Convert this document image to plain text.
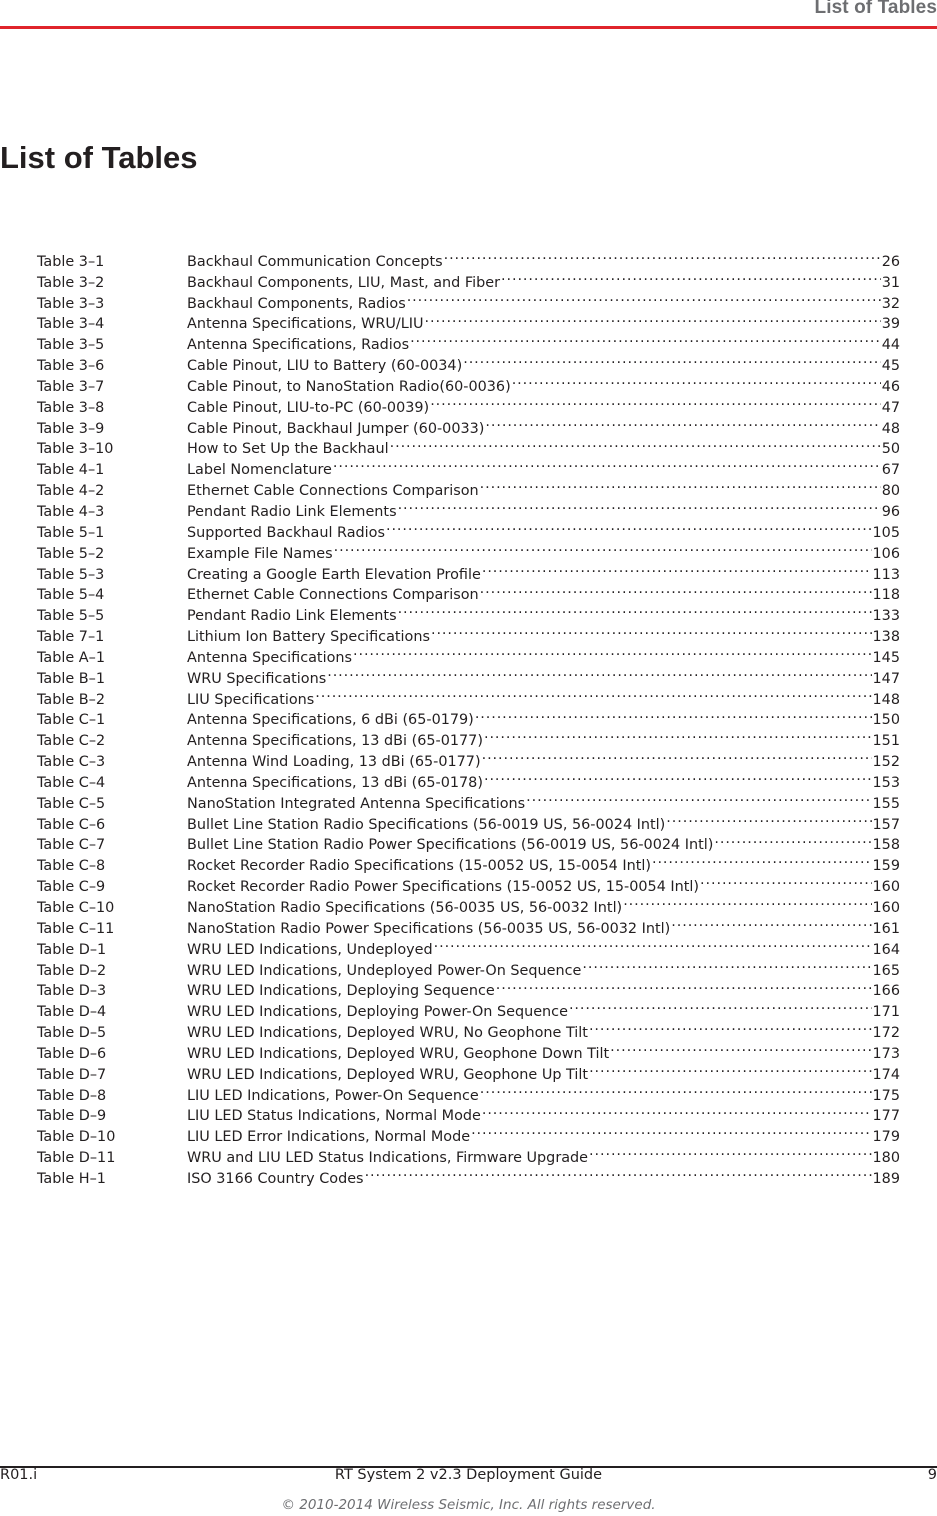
List of Tables
List of Tables
Table 3–1	Backhaul Communication Concepts .....	26
Table 3–2	Backhaul Components, LIU, Mast, and Fiber .....	31
Table 3–3	Backhaul Components, Radios .....	32
Table 3–4	Antenna Specifications, WRU/LIU .....	39
Table 3–5	Antenna Specifications, Radios .....	44
Table 3–6	Cable Pinout, LIU to Battery (60-0034) .....	45
Table 3–7	Cable Pinout, to NanoStation Radio(60-0036) .....	46
Table 3–8	Cable Pinout, LIU-to-PC (60-0039) .....	47
Table 3–9	Cable Pinout, Backhaul Jumper (60-0033) .....	48
Table 3–10	How to Set Up the Backhaul .....	50
Table 4–1	Label Nomenclature .....	67
Table 4–2	Ethernet Cable Connections Comparison .....	80
Table 4–3	Pendant Radio Link Elements .....	96
Table 5–1	Supported Backhaul Radios .....	105
Table 5–2	Example File Names .....	106
Table 5–3	Creating a Google Earth Elevation Profile .....	113
Table 5–4	Ethernet Cable Connections Comparison .....	118
Table 5–5	Pendant Radio Link Elements .....	133
Table 7–1	Lithium Ion Battery Specifications .....	138
Table A–1	Antenna Specifications .....	145
Table B–1	WRU Specifications .....	147
Table B–2	LIU Specifications .....	148
Table C–1	Antenna Specifications, 6 dBi (65-0179) .....	150
Table C–2	Antenna Specifications, 13 dBi (65-0177) .....	151
Table C–3	Antenna Wind Loading, 13 dBi (65-0177) .....	152
Table C–4	Antenna Specifications, 13 dBi (65-0178) .....	153
Table C–5	NanoStation Integrated Antenna Specifications .....	155
Table C–6	Bullet Line Station Radio Specifications (56-0019 US, 56-0024 Intl) .....	157
Table C–7	Bullet Line Station Radio Power Specifications (56-0019 US, 56-0024 Intl) .....	158
Table C–8	Rocket Recorder Radio Specifications (15-0052 US, 15-0054 Intl) .....	159
Table C–9	Rocket Recorder Radio Power Specifications (15-0052 US, 15-0054 Intl) .....	160
Table C–10	NanoStation Radio Specifications (56-0035 US, 56-0032 Intl) .....	160
Table C–11	NanoStation Radio Power Specifications (56-0035 US, 56-0032 Intl) .....	161
Table D–1	WRU LED Indications, Undeployed .....	164
Table D–2	WRU LED Indications, Undeployed Power-On Sequence .....	165
Table D–3	WRU LED Indications, Deploying Sequence .....	166
Table D–4	WRU LED Indications, Deploying Power-On Sequence .....	171
Table D–5	WRU LED Indications, Deployed WRU, No Geophone Tilt .....	172
Table D–6	WRU LED Indications, Deployed WRU, Geophone Down Tilt .....	173
Table D–7	WRU LED Indications, Deployed WRU, Geophone Up Tilt .....	174
Table D–8	LIU LED Indications, Power-On Sequence .....	175
Table D–9	LIU LED Status Indications, Normal Mode .....	177
Table D–10	LIU LED Error Indications, Normal Mode .....	179
Table D–11	WRU and LIU LED Status Indications, Firmware Upgrade .....	180
Table H–1	ISO 3166 Country Codes .....	189
R01.i	RT System 2 v2.3 Deployment Guide	9
© 2010-2014 Wireless Seismic, Inc. All rights reserved.
